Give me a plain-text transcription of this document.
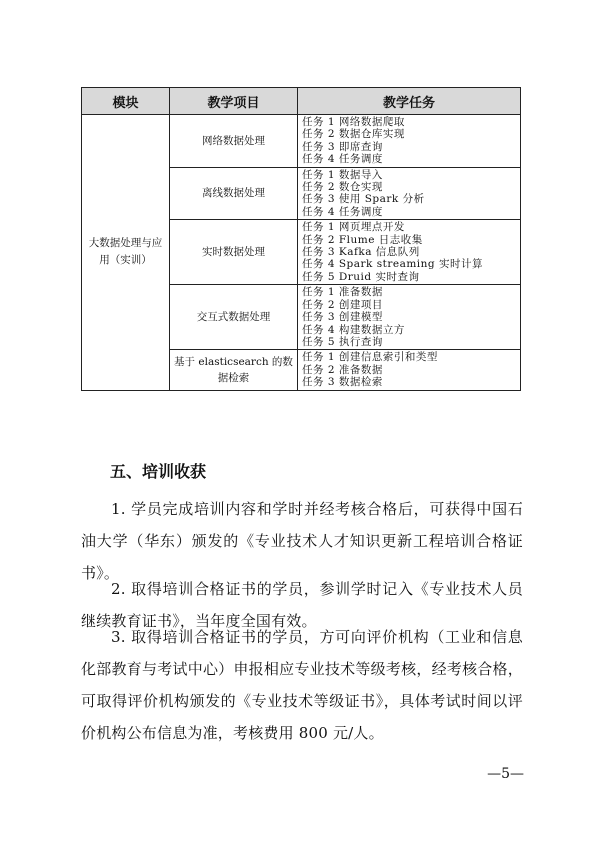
模块	教学项目	教学任务
大数据处理与应用（实训）	网络数据处理	任务 1 网络数据爬取
任务 2 数据仓库实现
任务 3 即席查询
任务 4 任务调度

	离线数据处理	任务 1 数据导入
任务 2 数仓实现
任务 3 使用 Spark 分析
任务 4 任务调度

	实时数据处理	任务 1 网页埋点开发
任务 2 Flume 日志收集
任务 3 Kafka 信息队列
任务 4 Spark streaming 实时计算
任务 5 Druid 实时查询

	交互式数据处理	任务 1 准备数据
任务 2 创建项目
任务 3 创建模型
任务 4 构建数据立方
任务 5 执行查询

	基于 elasticsearch 的数据检索	任务 1 创建信息索引和类型
任务 2 准备数据
任务 3 数据检索
五、培训收获

1. 学员完成培训内容和学时并经考核合格后，可获得中国石油大学（华东）颁发的《专业技术人才知识更新工程培训合格证书》。

2. 取得培训合格证书的学员，参训学时记入《专业技术人员继续教育证书》，当年度全国有效。

3. 取得培训合格证书的学员，方可向评价机构（工业和信息化部教育与考试中心）申报相应专业技术等级考核，经考核合格，可取得评价机构颁发的《专业技术等级证书》，具体考试时间以评价机构公布信息为准，考核费用 800 元/人。

—5—
